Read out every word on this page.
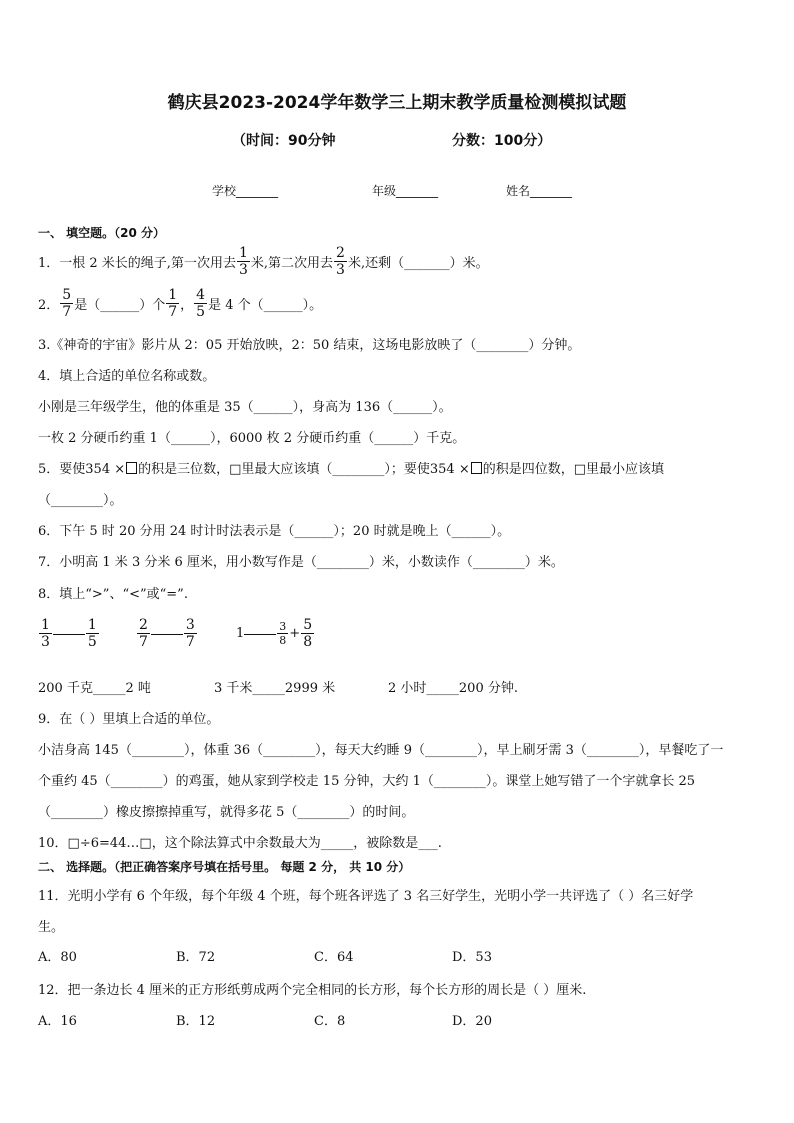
鹤庆县2023-2024学年数学三上期末教学质量检测模拟试题
（时间：90分钟	分数：100分）
学校_______	年级_______	姓名_______
一、 填空题。（20 分）
1．一根 2 米长的绳子,第一次用去 $\frac{1}{3}$ 米,第二次用去 $\frac{2}{3}$ 米,还剩（_______）米。
2． $\frac{5}{7}$ 是（______）个 $\frac{1}{7}$ ， $\frac{4}{5}$ 是 4 个（______）。
3.《神奇的宇宙》影片从 2：05 开始放映，2：50 结束，这场电影放映了（________）分钟。
4．填上合适的单位名称或数。
小刚是三年级学生，他的体重是 35（______），身高为 136（______）。
一枚 2 分硬币约重 1（______），6000 枚 2 分硬币约重（______）千克。
5．要使354 × 的积是三位数，□里最大应该填（________）；要使354 × 的积是四位数，□里最小应该填
（________）。
6．下午 5 时 20 分用 24 时计时法表示是（______）；20 时就是晚上（______）。
7．小明高 1 米 3 分米 6 厘米，用小数写作是（________）米，小数读作（________）米。
8．填上“>”、“<”或“=”.
$\frac{1}{3} \frac{1}{5}$	$\frac{2}{7} \frac{3}{7}$	1	$\frac{3}{8} + \frac{5}{8}$
200 千克_____2 吨	3 千米_____2999 米	2 小时_____200 分钟.
9．在（ ）里填上合适的单位。
小洁身高 145（________），体重 36（________），每天大约睡 9（________），早上刷牙需 3（________），早餐吃了一
个重约 45（________）的鸡蛋，她从家到学校走 15 分钟，大约 1（________）。课堂上她写错了一个字就拿长 25
（________）橡皮擦擦掉重写，就得多花 5（________）的时间。
10．□÷6=44…□，这个除法算式中余数最大为_____，被除数是___.
二、 选择题。（把正确答案序号填在括号里。 每题 2 分， 共 10 分）
11．光明小学有 6 个年级，每个年级 4 个班，每个班各评选了 3 名三好学生，光明小学一共评选了（ ）名三好学
生。
A．80	B．72	C．64	D．53
12．把一条边长 4 厘米的正方形纸剪成两个完全相同的长方形，每个长方形的周长是（ ）厘米.
A．16	B．12	C．8	D．20
